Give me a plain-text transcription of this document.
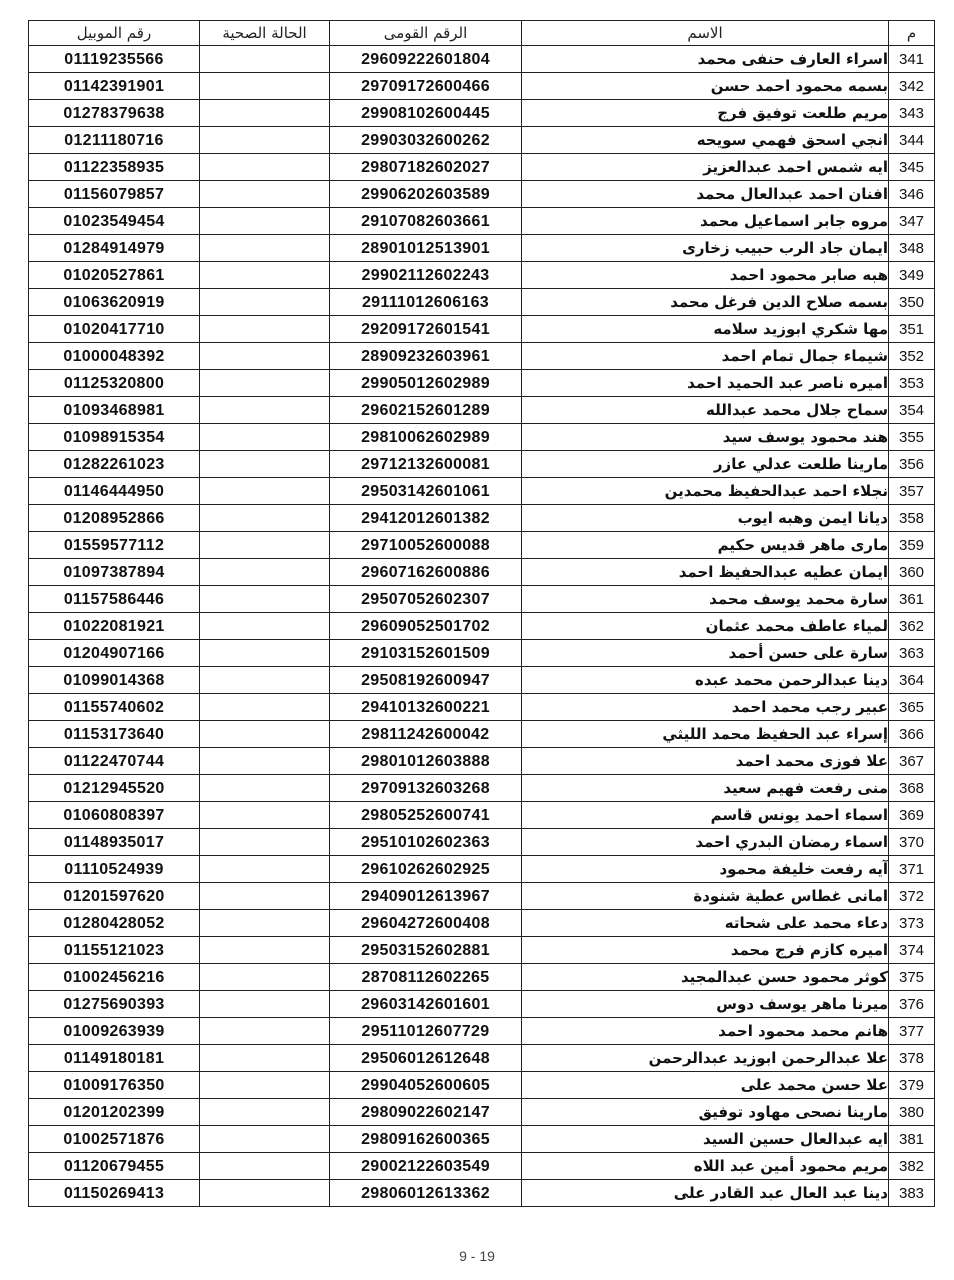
م	الاسم	الرقم القومى	الحالة الصحية	رقم الموبيل
341	اسراء العارف حنفى محمد	29609222601804		01119235566
342	بسمه محمود احمد حسن	29709172600466		01142391901
343	مريم طلعت توفيق فرج	29908102600445		01278379638
344	انجي اسحق فهمي سويحه	29903032600262		01211180716
345	ايه شمس احمد عبدالعزيز	29807182602027		01122358935
346	افنان احمد عبدالعال محمد	29906202603589		01156079857
347	مروه جابر اسماعيل محمد	29107082603661		01023549454
348	ايمان جاد الرب حبيب زخارى	28901012513901		01284914979
349	هبه صابر محمود احمد	29902112602243		01020527861
350	بسمه صلاح الدين فرغل محمد	29111012606163		01063620919
351	مها شكري ابوزيد سلامه	29209172601541		01020417710
352	شيماء جمال تمام احمد	28909232603961		01000048392
353	اميره ناصر عبد الحميد احمد	29905012602989		01125320800
354	سماح جلال محمد عبدالله	29602152601289		01093468981
355	هند محمود يوسف سيد	29810062602989		01098915354
356	مارينا طلعت عدلي عازر	29712132600081		01282261023
357	نجلاء احمد عبدالحفيظ محمدين	29503142601061		01146444950
358	ديانا ايمن وهبه ايوب	29412012601382		01208952866
359	مارى ماهر قديس حكيم	29710052600088		01559577112
360	ايمان عطيه عبدالحفيظ احمد	29607162600886		01097387894
361	سارة محمد يوسف محمد	29507052602307		01157586446
362	لمياء عاطف محمد عثمان	29609052501702		01022081921
363	سارة على حسن أحمد	29103152601509		01204907166
364	دينا عبدالرحمن محمد عبده	29508192600947		01099014368
365	عبير رجب محمد احمد	29410132600221		01155740602
366	إسراء عبد الحفيظ محمد الليثي	29811242600042		01153173640
367	علا فوزى محمد احمد	29801012603888		01122470744
368	منى رفعت فهيم سعيد	29709132603268		01212945520
369	اسماء احمد يونس قاسم	29805252600741		01060808397
370	اسماء رمضان البدري احمد	29510102602363		01148935017
371	آيه رفعت خليفة محمود	29610262602925		01110524939
372	امانى غطاس عطية شنودة	29409012613967		01201597620
373	دعاء محمد على شحاته	29604272600408		01280428052
374	اميره كازم فرج محمد	29503152602881		01155121023
375	كوثر محمود حسن عبدالمجيد	28708112602265		01002456216
376	ميرنا ماهر يوسف دوس	29603142601601		01275690393
377	هانم محمد محمود احمد	29511012607729		01009263939
378	علا عبدالرحمن ابوزيد عبدالرحمن	29506012612648		01149180181
379	علا حسن محمد على	29904052600605		01009176350
380	مارينا نصحى مهاود توفيق	29809022602147		01201202399
381	ايه عبدالعال حسين السيد	29809162600365		01002571876
382	مريم محمود أمين عبد اللاه	29002122603549		01120679455
383	دينا عبد العال عبد القادر على	29806012613362		01150269413
9 - 19
